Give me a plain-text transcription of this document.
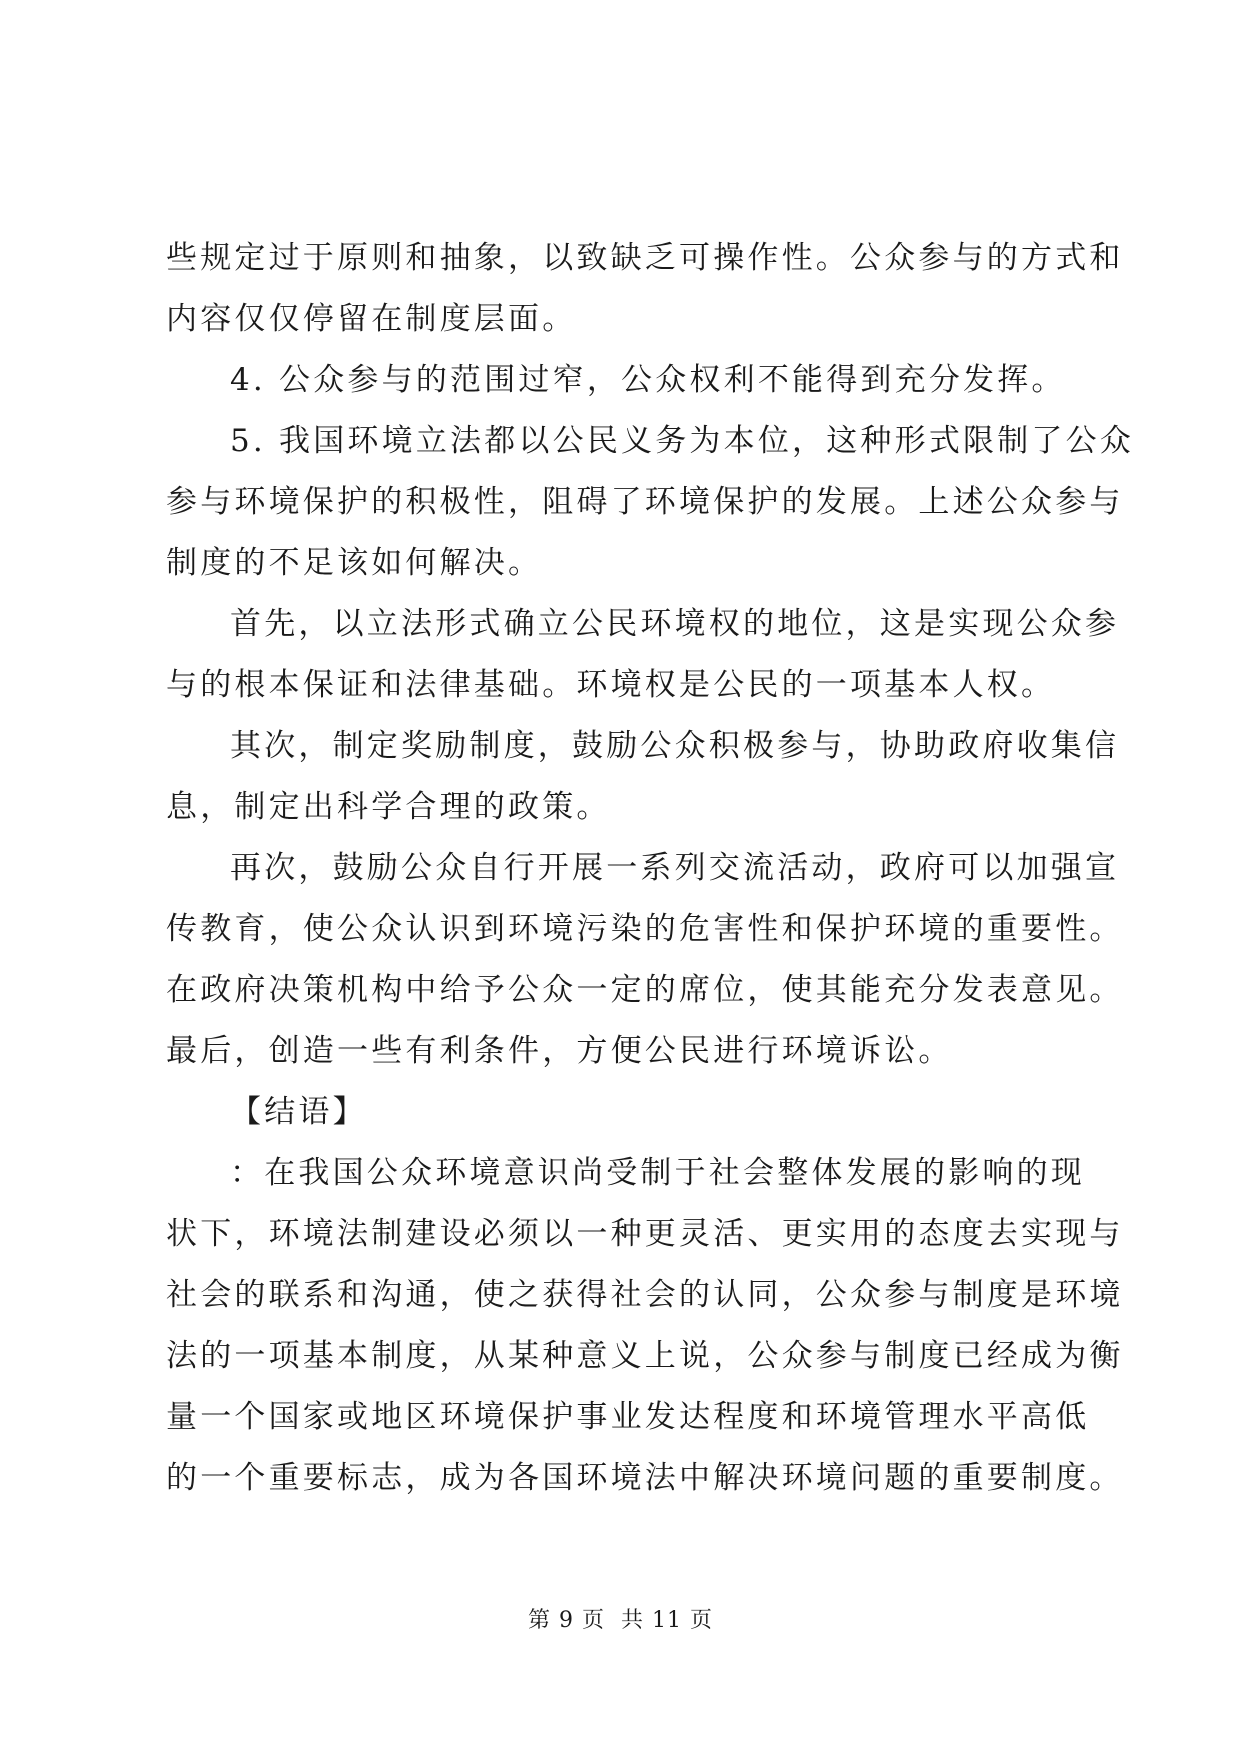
些规定过于原则和抽象，以致缺乏可操作性。公众参与的方式和
内容仅仅停留在制度层面。
4. 公众参与的范围过窄，公众权利不能得到充分发挥。
5. 我国环境立法都以公民义务为本位，这种形式限制了公众
参与环境保护的积极性，阻碍了环境保护的发展。上述公众参与
制度的不足该如何解决。
首先，以立法形式确立公民环境权的地位，这是实现公众参
与的根本保证和法律基础。环境权是公民的一项基本人权。
其次，制定奖励制度，鼓励公众积极参与，协助政府收集信
息，制定出科学合理的政策。
再次，鼓励公众自行开展一系列交流活动，政府可以加强宣
传教育，使公众认识到环境污染的危害性和保护环境的重要性。
在政府决策机构中给予公众一定的席位，使其能充分发表意见。
最后，创造一些有利条件，方便公民进行环境诉讼。
【结语】
：在我国公众环境意识尚受制于社会整体发展的影响的现
状下，环境法制建设必须以一种更灵活、更实用的态度去实现与
社会的联系和沟通，使之获得社会的认同，公众参与制度是环境
法的一项基本制度，从某种意义上说，公众参与制度已经成为衡
量一个国家或地区环境保护事业发达程度和环境管理水平高低
的一个重要标志，成为各国环境法中解决环境问题的重要制度。
第 9 页 共 11 页
